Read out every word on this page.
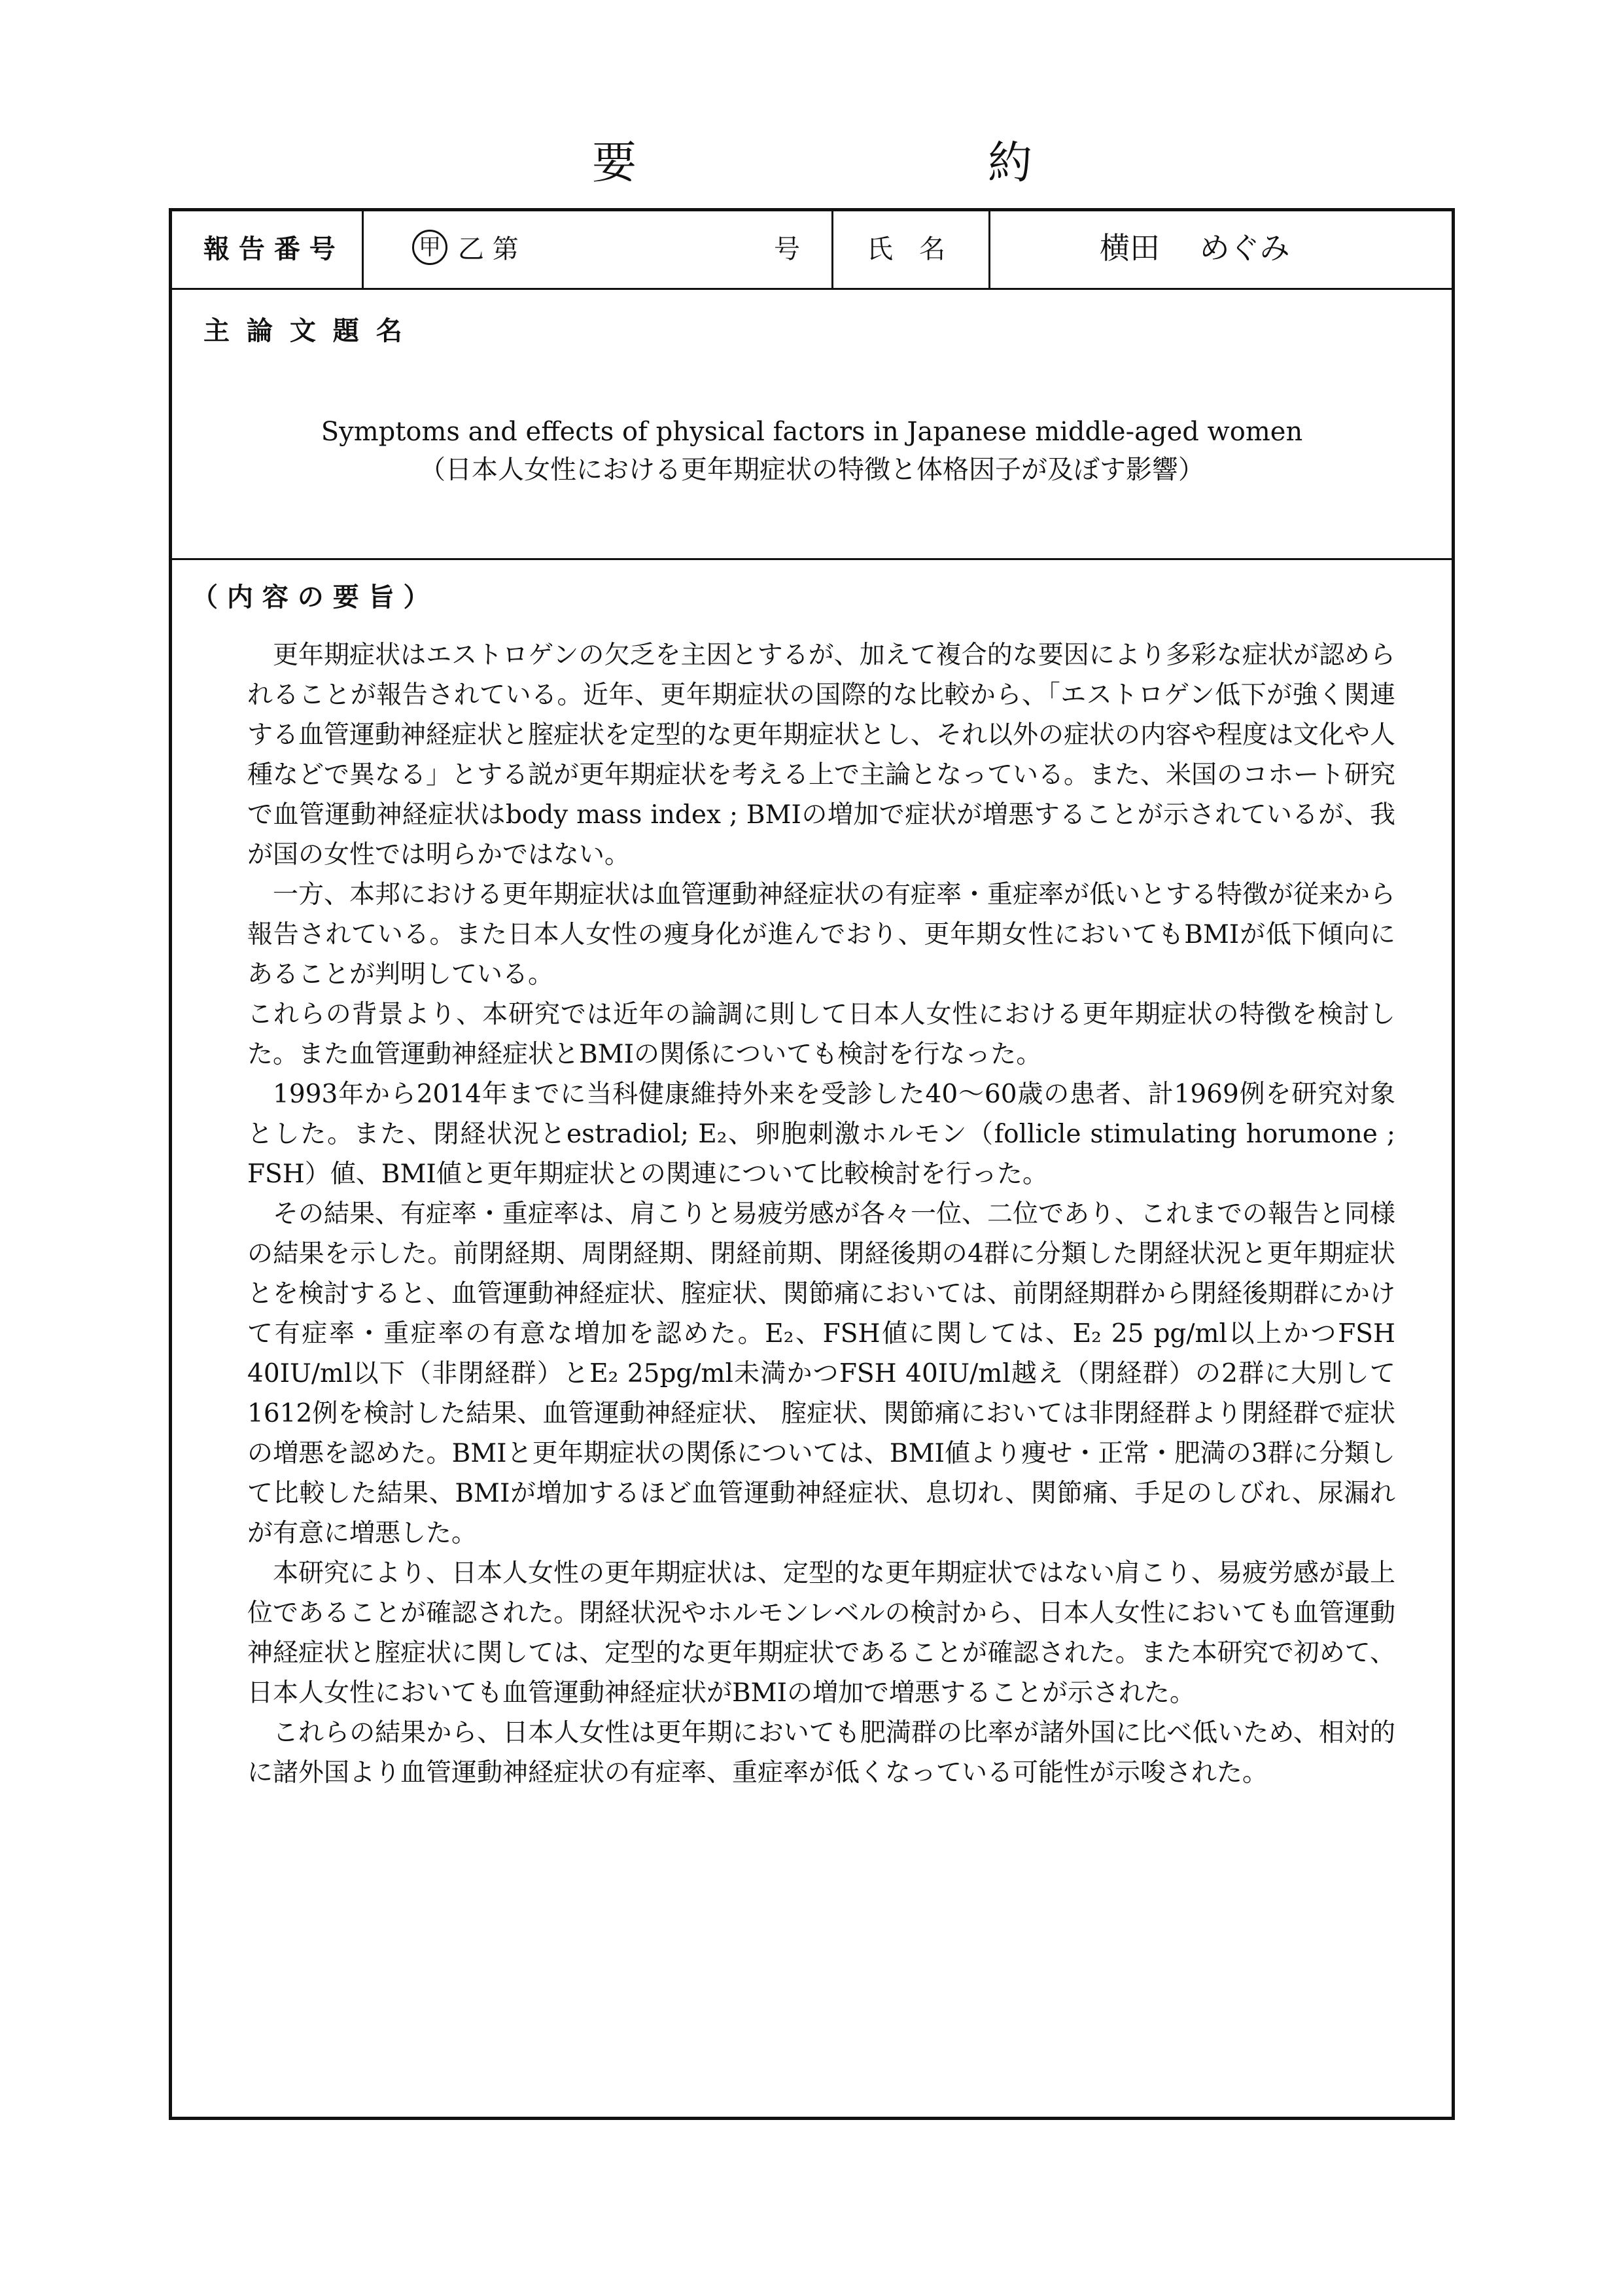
要	約
報 告 番 号	甲 乙 第	号	氏　名	横田　 めぐみ
主 論 文 題 名
Symptoms and effects of physical factors in Japanese middle-aged women
（日本人女性における更年期症状の特徴と体格因子が及ぼす影響）
（ 内 容 の 要 旨 ）

更年期症状はエストロゲンの欠乏を主因とするが、加えて複合的な要因により多彩な症状が認められることが報告されている。近年、更年期症状の国際的な比較から、「エストロゲン低下が強く関連する血管運動神経症状と腟症状を定型的な更年期症状とし、それ以外の症状の内容や程度は文化や人種などで異なる」とする説が更年期症状を考える上で主論となっている。また、米国のコホート研究で血管運動神経症状はbody mass index ; BMIの増加で症状が増悪することが示されているが、我が国の女性では明らかではない。

一方、本邦における更年期症状は血管運動神経症状の有症率・重症率が低いとする特徴が従来から報告されている。また日本人女性の痩身化が進んでおり、更年期女性においてもBMIが低下傾向にあることが判明している。

これらの背景より、本研究では近年の論調に則して日本人女性における更年期症状の特徴を検討した。また血管運動神経症状とBMIの関係についても検討を行なった。

1993年から2014年までに当科健康維持外来を受診した40～60歳の患者、計1969例を研究対象とした。また、閉経状況とestradiol; E₂、卵胞刺激ホルモン（follicle stimulating horumone ; FSH）値、BMI値と更年期症状との関連について比較検討を行った。

その結果、有症率・重症率は、肩こりと易疲労感が各々一位、二位であり、これまでの報告と同様の結果を示した。前閉経期、周閉経期、閉経前期、閉経後期の4群に分類した閉経状況と更年期症状とを検討すると、血管運動神経症状、腟症状、関節痛においては、前閉経期群から閉経後期群にかけて有症率・重症率の有意な増加を認めた。E₂、FSH値に関しては、E₂ 25 pg/ml以上かつFSH 40IU/ml以下（非閉経群）とE₂ 25pg/ml未満かつFSH 40IU/ml越え（閉経群）の2群に大別して1612例を検討した結果、血管運動神経症状、 腟症状、関節痛においては非閉経群より閉経群で症状の増悪を認めた。BMIと更年期症状の関係については、BMI値より痩せ・正常・肥満の3群に分類して比較した結果、BMIが増加するほど血管運動神経症状、息切れ、関節痛、手足のしびれ、尿漏れが有意に増悪した。

本研究により、日本人女性の更年期症状は、定型的な更年期症状ではない肩こり、易疲労感が最上位であることが確認された。閉経状況やホルモンレベルの検討から、日本人女性においても血管運動神経症状と腟症状に関しては、定型的な更年期症状であることが確認された。また本研究で初めて、日本人女性においても血管運動神経症状がBMIの増加で増悪することが示された。

これらの結果から、日本人女性は更年期においても肥満群の比率が諸外国に比べ低いため、相対的に諸外国より血管運動神経症状の有症率、重症率が低くなっている可能性が示唆された。
